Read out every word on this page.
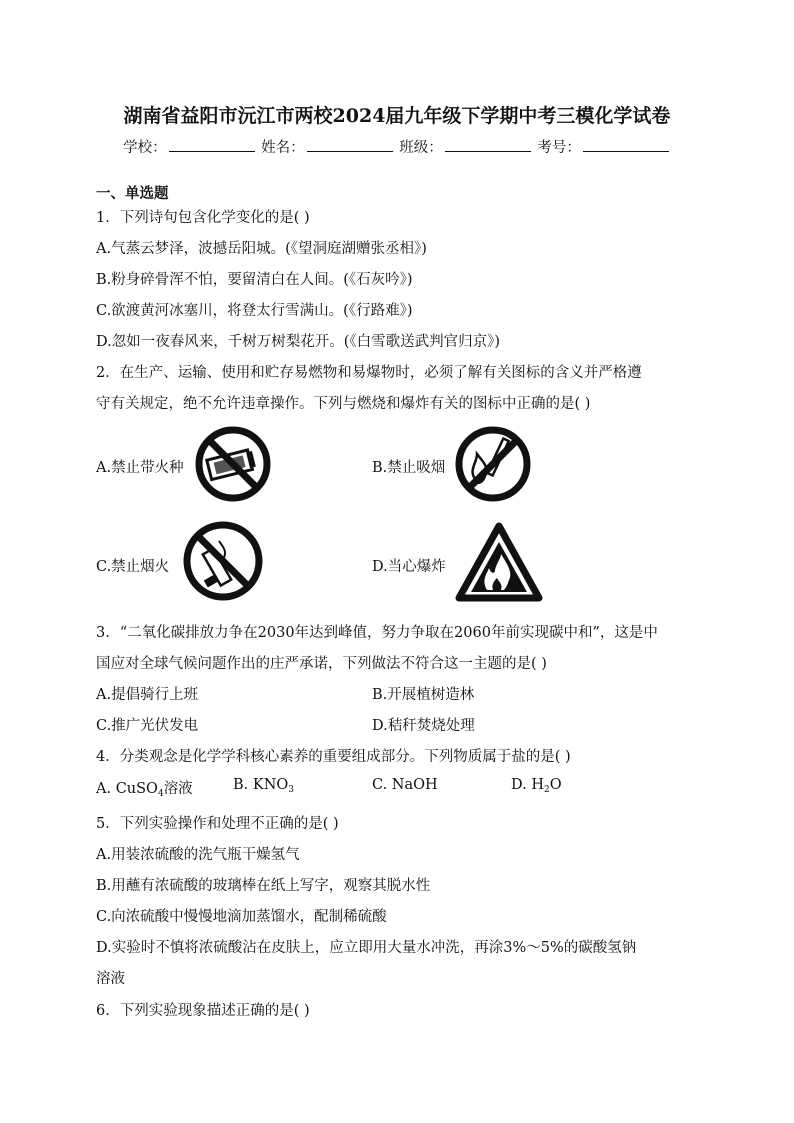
湖南省益阳市沅江市两校2024届九年级下学期中考三模化学试卷
学校：	姓名：	班级：	考号：
一、单选题
1．下列诗句包含化学变化的是( )
A.气蒸云梦泽，波撼岳阳城。(《望洞庭湖赠张丞相》)
B.粉身碎骨浑不怕，要留清白在人间。(《石灰吟》)
C.欲渡黄河冰塞川，将登太行雪满山。(《行路难》)
D.忽如一夜春风来，千树万树梨花开。(《白雪歌送武判官归京》)
2．在生产、运输、使用和贮存易燃物和易爆物时，必须了解有关图标的含义并严格遵
守有关规定，绝不允许违章操作。下列与燃烧和爆炸有关的图标中正确的是( )
A.禁止带火种	B.禁止吸烟
C.禁止烟火	D.当心爆炸
3．“二氧化碳排放力争在2030年达到峰值，努力争取在2060年前实现碳中和”，这是中
国应对全球气候问题作出的庄严承诺，下列做法不符合这一主题的是( )
A.提倡骑行上班	B.开展植树造林
C.推广光伏发电	D.秸秆焚烧处理
4．分类观念是化学学科核心素养的重要组成部分。下列物质属于盐的是( )
A. CuSO$_4$溶液	B. $KNO_3$	C. NaOH	D. $H_2O$
5．下列实验操作和处理不正确的是( )
A.用装浓硫酸的洗气瓶干燥氢气
B.用蘸有浓硫酸的玻璃棒在纸上写字，观察其脱水性
C.向浓硫酸中慢慢地滴加蒸馏水，配制稀硫酸
D.实验时不慎将浓硫酸沾在皮肤上，应立即用大量水冲洗，再涂3%～5%的碳酸氢钠
溶液
6．下列实验现象描述正确的是( )
